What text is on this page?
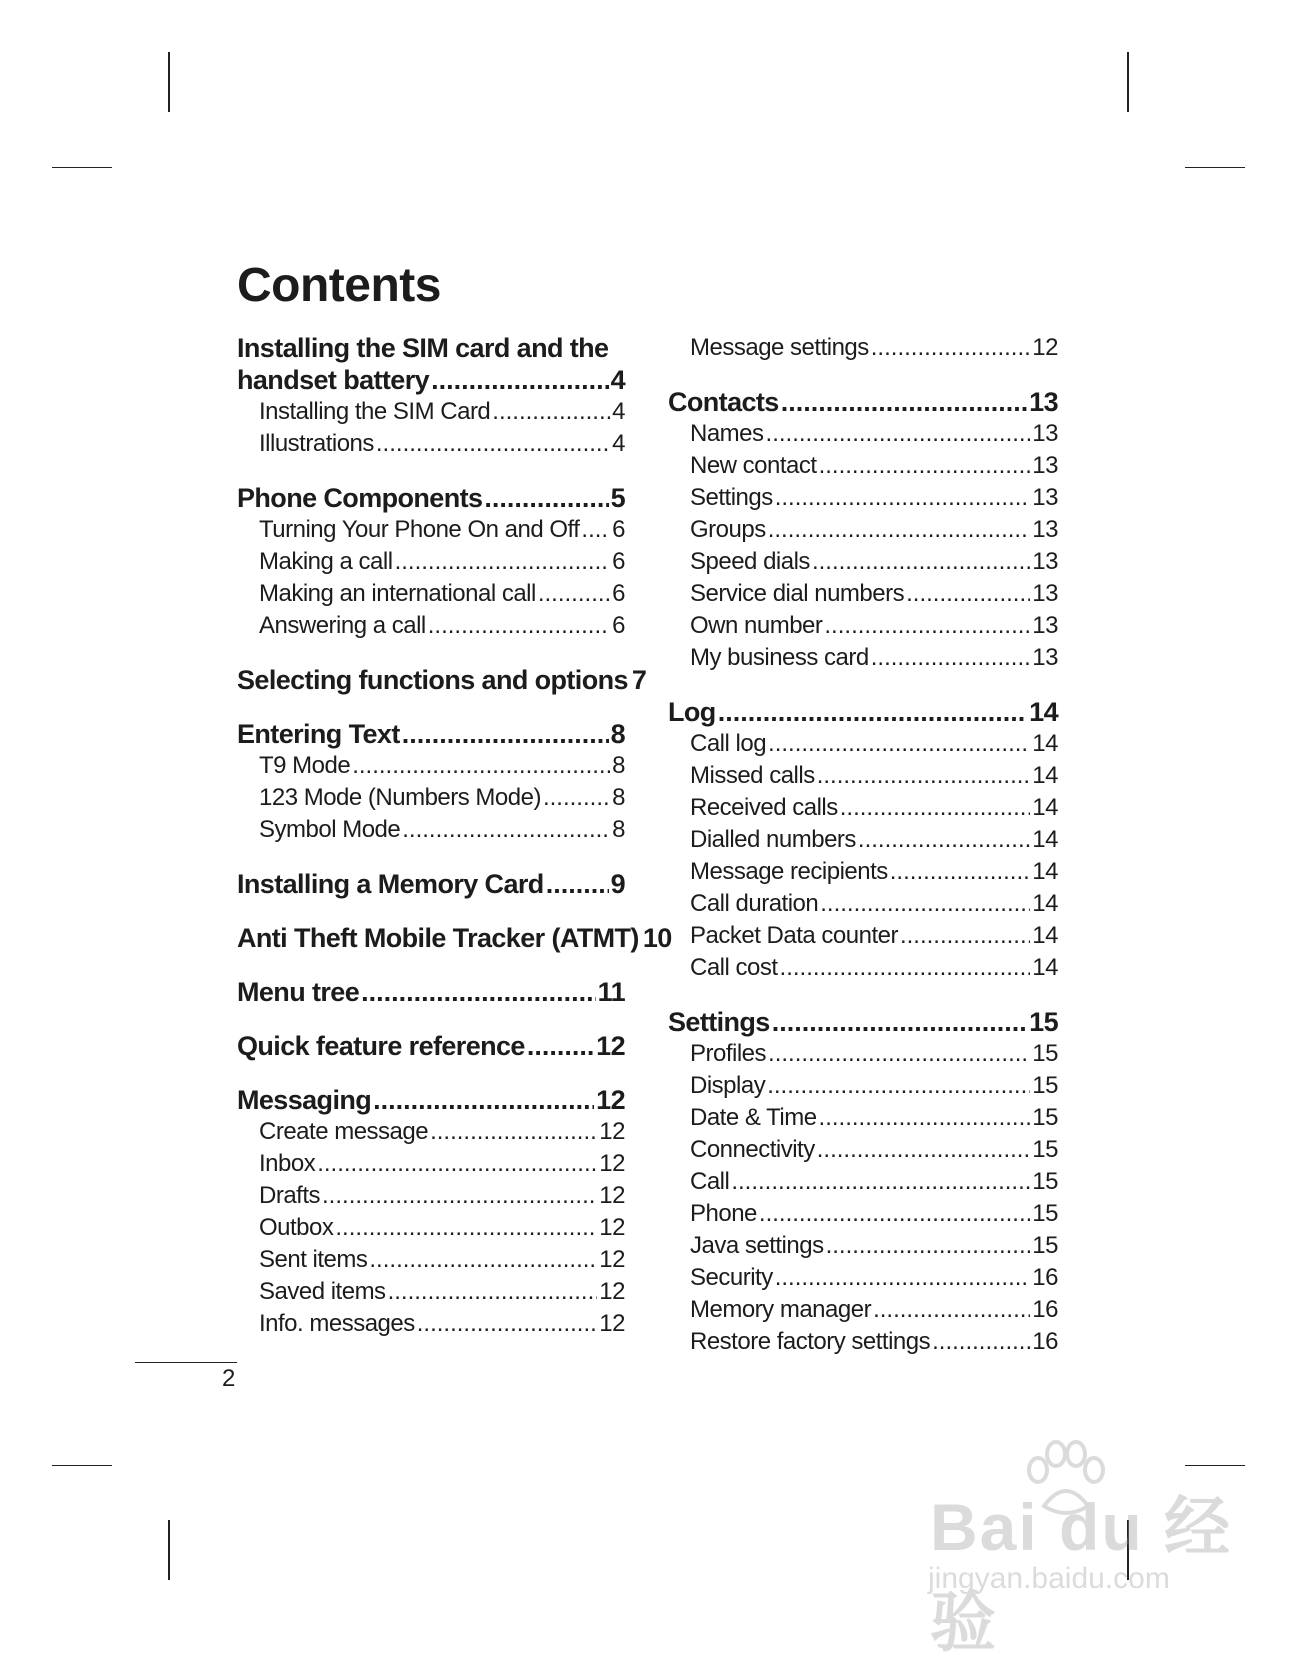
Contents
Installing the SIM card and the
handset battery .....	4
Installing the SIM Card .....	4
Illustrations .....	4
Phone Components .....	5
Turning Your Phone On and Off ..... 6
Making a call .....	6
Making an international call .....	6
Answering a call .....	6
Selecting functions and options 7
Entering Text .....	8
T9 Mode .....	8
123 Mode (Numbers Mode) .....	8
Symbol Mode .....	8
Installing a Memory Card ..... 9
Anti Theft Mobile Tracker (ATMT) 10
Menu tree .....	11
Quick feature reference .....	12
Messaging .....	12
Create message .....	12
Inbox .....	12
Drafts .....	12
Outbox .....	12
Sent items .....	12
Saved items .....	12
Info. messages .....	12
Message settings .....	12
Contacts .....	13
Names .....	13
New contact .....	13
Settings .....	13
Groups .....	13
Speed dials .....	13
Service dial numbers .....	13
Own number .....	13
My business card .....	13
Log .....	14
Call log .....	14
Missed calls .....	14
Received calls .....	14
Dialled numbers .....	14
Message recipients .....	14
Call duration .....	14
Packet Data counter .....	14
Call cost .....	14
Settings .....	15
Profiles .....	15
Display .....	15
Date & Time .....	15
Connectivity .....	15
Call .....	15
Phone .....	15
Java settings .....	15
Security .....	16
Memory manager .....	16
Restore factory settings .....	16
2
Bai du 经验
jingyan.baidu.com
